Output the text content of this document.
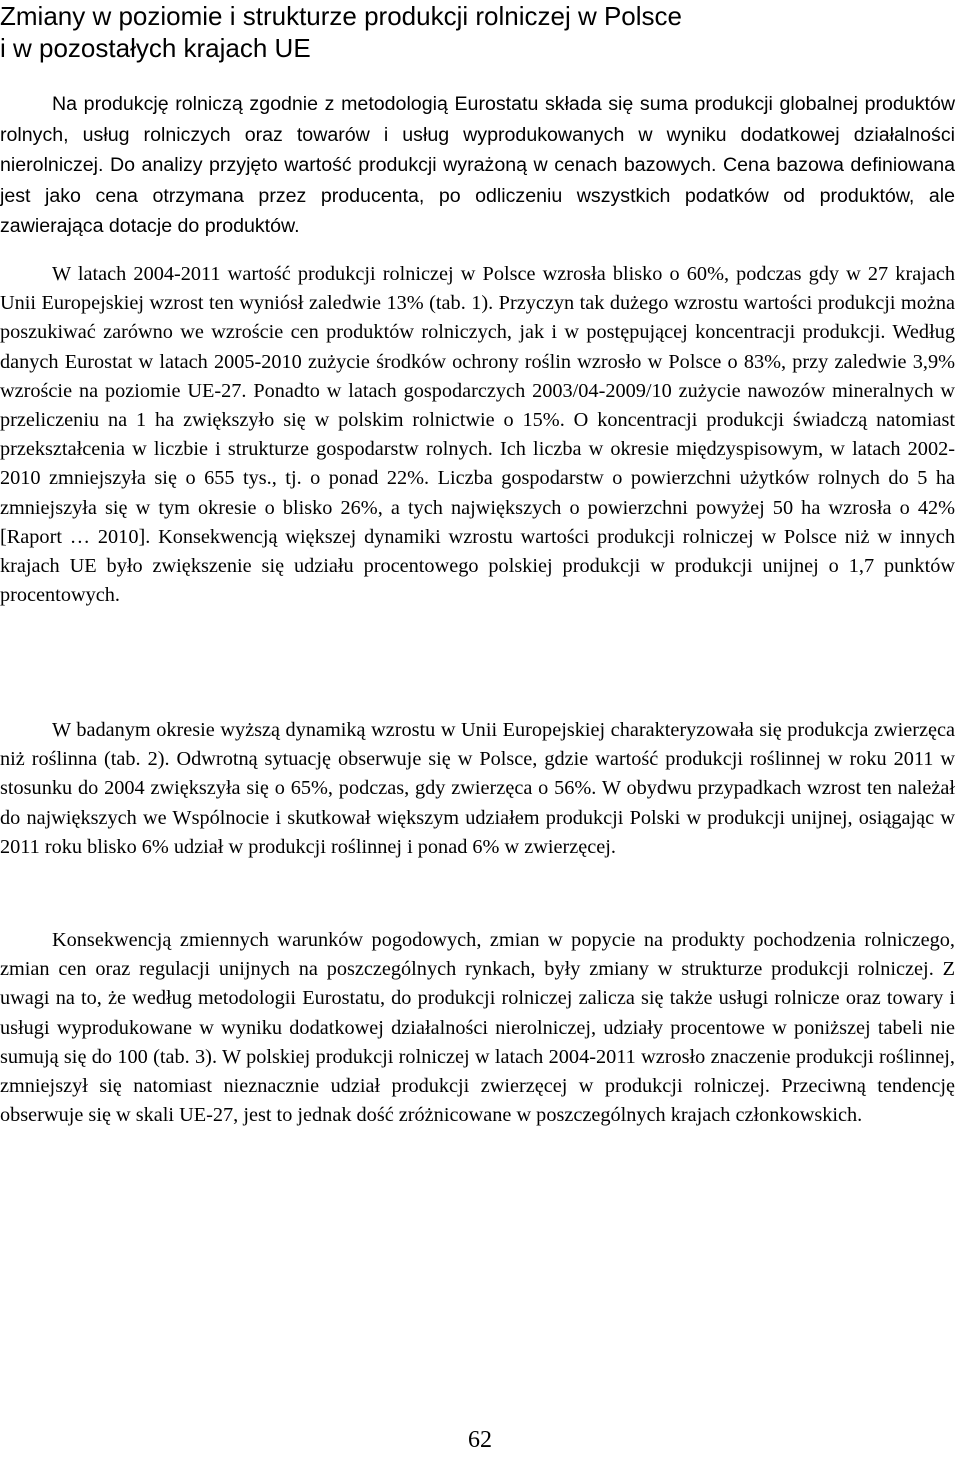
Zmiany w poziomie i strukturze produkcji rolniczej w Polsce
i w pozostałych krajach UE

Na produkcję rolniczą zgodnie z metodologią Eurostatu składa się suma produkcji globalnej produktów rolnych, usług rolniczych oraz towarów i usług wyprodukowanych w wyniku dodatkowej działalności nierolniczej. Do analizy przyjęto wartość produkcji wyrażoną w cenach bazowych. Cena bazowa definiowana jest jako cena otrzymana przez producenta, po odliczeniu wszystkich podatków od produktów, ale zawierająca dotacje do produktów.

W latach 2004-2011 wartość produkcji rolniczej w Polsce wzrosła blisko o 60%, podczas gdy w 27 krajach Unii Europejskiej wzrost ten wyniósł zaledwie 13% (tab. 1). Przyczyn tak dużego wzrostu wartości produkcji można poszukiwać zarówno we wzroście cen produktów rolniczych, jak i w postępującej koncentracji produkcji. Według danych Eurostat w latach 2005-2010 zużycie środków ochrony roślin wzrosło w Polsce o 83%, przy zaledwie 3,9% wzroście na poziomie UE-27. Ponadto w latach gospodarczych 2003/04-2009/10 zużycie nawozów mineralnych w przeliczeniu na 1 ha zwiększyło się w polskim rolnictwie o 15%. O koncentracji produkcji świadczą natomiast przekształcenia w liczbie i strukturze gospodarstw rolnych. Ich liczba w okresie międzyspisowym, w latach 2002-2010 zmniejszyła się o 655 tys., tj. o ponad 22%. Liczba gospodarstw o powierzchni użytków rolnych do 5 ha zmniejszyła się w tym okresie o blisko 26%, a tych największych o powierzchni powyżej 50 ha wzrosła o 42% [Raport … 2010]. Konsekwencją większej dynamiki wzrostu wartości produkcji rolniczej w Polsce niż w innych krajach UE było zwiększenie się udziału procentowego polskiej produkcji w produkcji unijnej o 1,7 punktów procentowych.

W badanym okresie wyższą dynamiką wzrostu w Unii Europejskiej charakteryzowała się produkcja zwierzęca niż roślinna (tab. 2). Odwrotną sytuację obserwuje się w Polsce, gdzie wartość produkcji roślinnej w roku 2011 w stosunku do 2004 zwiększyła się o 65%, podczas, gdy zwierzęca o 56%. W obydwu przypadkach wzrost ten należał do największych we Wspólnocie i skutkował większym udziałem produkcji Polski w produkcji unijnej, osiągając w 2011 roku blisko 6% udział w produkcji roślinnej i ponad 6% w zwierzęcej.

Konsekwencją zmiennych warunków pogodowych, zmian w popycie na produkty pochodzenia rolniczego, zmian cen oraz regulacji unijnych na poszczególnych rynkach, były zmiany w strukturze produkcji rolniczej. Z uwagi na to, że według metodologii Eurostatu, do produkcji rolniczej zalicza się także usługi rolnicze oraz towary i usługi wyprodukowane w wyniku dodatkowej działalności nierolniczej, udziały procentowe w poniższej tabeli nie sumują się do 100 (tab. 3). W polskiej produkcji rolniczej w latach 2004-2011 wzrosło znaczenie produkcji roślinnej, zmniejszył się natomiast nieznacznie udział produkcji zwierzęcej w produkcji rolniczej. Przeciwną tendencję obserwuje się w skali UE-27, jest to jednak dość zróżnicowane w poszczególnych krajach członkowskich.

62
